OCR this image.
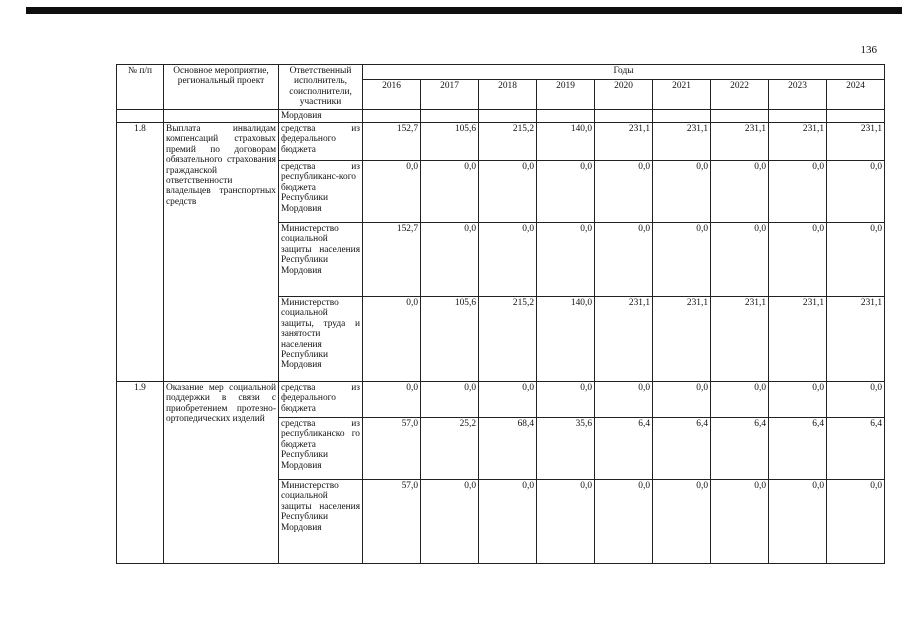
136
№ п/п	Основное мероприятие, региональный проект	Ответственный исполнитель, соисполнители, участники	Годы								
			2016	2017	2018	2019	2020	2021	2022	2023	2024
		Мордовия									
1.8	Выплата инвалидам компенсаций страховых премий по договорам обязательного страхования гражданской ответственности владельцев транспортных средств	средства из федерального бюджета	152,7	105,6	215,2	140,0	231,1	231,1	231,1	231,1	231,1
		средства из республиканс-кого бюджета Республики Мордовия	0,0	0,0	0,0	0,0	0,0	0,0	0,0	0,0	0,0
		Министерство социальной защиты населения Республики Мордовия	152,7	0,0	0,0	0,0	0,0	0,0	0,0	0,0	0,0
		Министерство социальной защиты, труда и занятости населения Республики Мордовия	0,0	105,6	215,2	140,0	231,1	231,1	231,1	231,1	231,1
1.9	Оказание мер социальной поддержки в связи с приобретением протезно-ортопедических изделий	средства из федерального бюджета	0,0	0,0	0,0	0,0	0,0	0,0	0,0	0,0	0,0
		средства из республиканско го бюджета Республики Мордовия	57,0	25,2	68,4	35,6	6,4	6,4	6,4	6,4	6,4
		Министерство социальной защиты населения Республики Мордовия	57,0	0,0	0,0	0,0	0,0	0,0	0,0	0,0	0,0
